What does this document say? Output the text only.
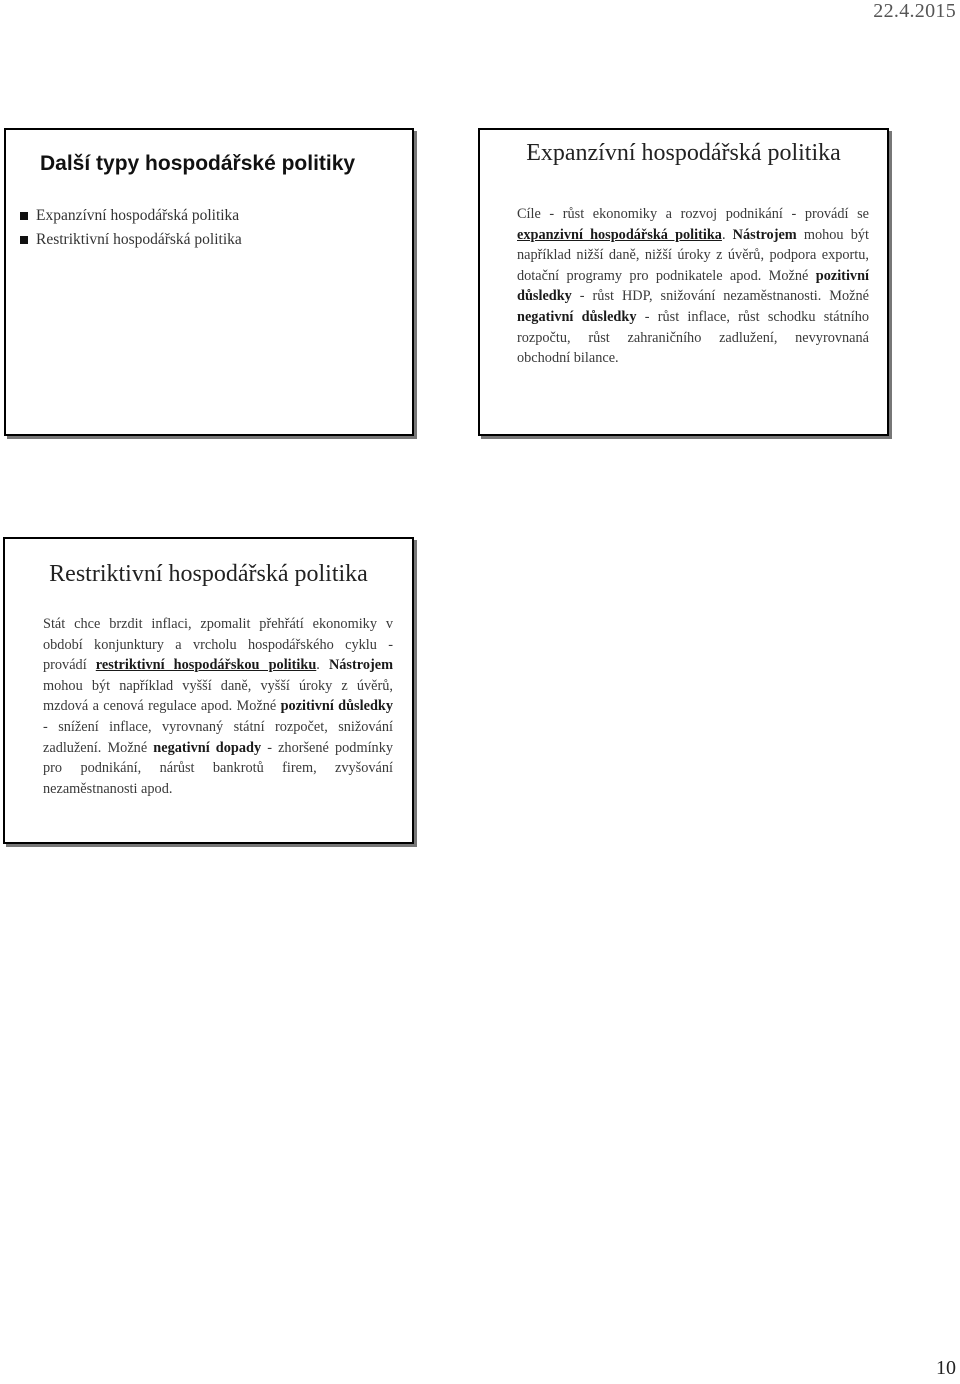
22.4.2015
Další typy hospodářské politiky
Expanzívní hospodářská politika
Restriktivní hospodářská politika
Expanzívní hospodářská politika

Cíle - růst ekonomiky a rozvoj podnikání - provádí se expanzivní hospodářská politika. Nástrojem mohou být například nižší daně, nižší úroky z úvěrů, podpora exportu, dotační programy pro podnikatele apod. Možné pozitivní důsledky - růst HDP, snižování nezaměstnanosti. Možné negativní důsledky - růst inflace, růst schodku státního rozpočtu, růst zahraničního zadlužení, nevyrovnaná obchodní bilance.

Restriktivní hospodářská politika

Stát chce brzdit inflaci, zpomalit přehřátí ekonomiky v období konjunktury a vrcholu hospodářského cyklu - provádí restriktivní hospodářskou politiku. Nástrojem mohou být například vyšší daně, vyšší úroky z úvěrů, mzdová a cenová regulace apod. Možné pozitivní důsledky - snížení inflace, vyrovnaný státní rozpočet, snižování zadlužení. Možné negativní dopady - zhoršené podmínky pro podnikání, nárůst bankrotů firem, zvyšování nezaměstnanosti apod.

10
